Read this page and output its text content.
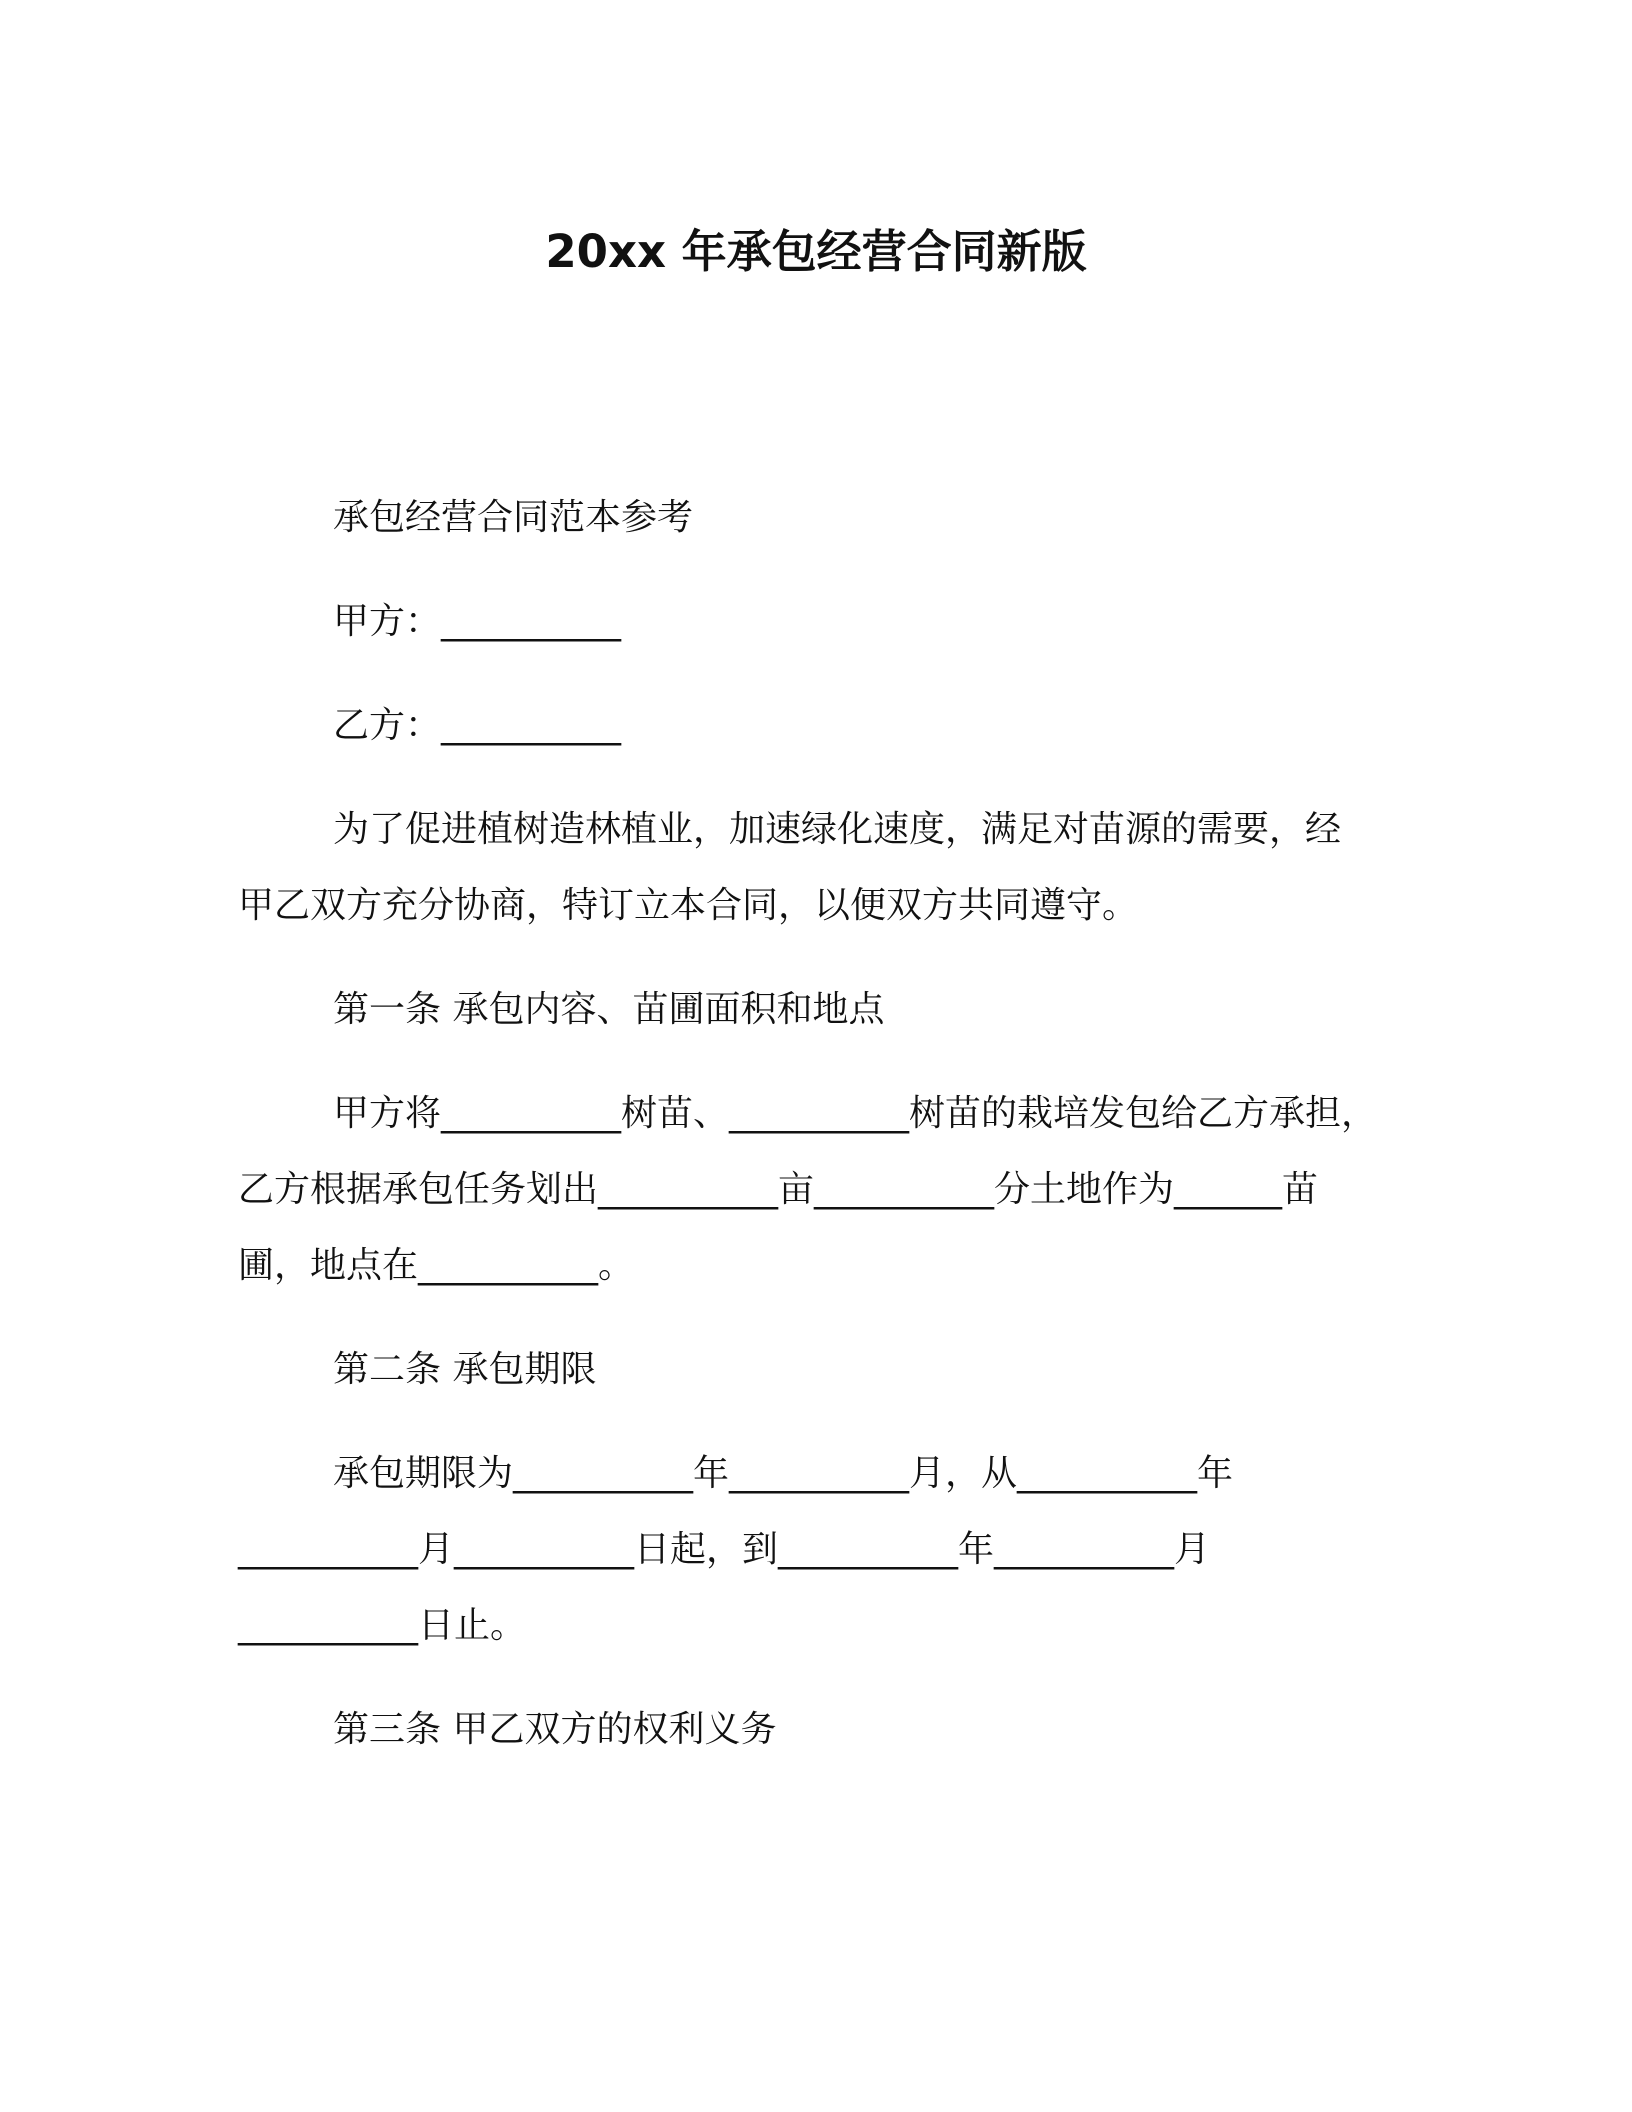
20xx 年承包经营合同新版
承包经营合同范本参考
甲方：__________
乙方：__________
为了促进植树造林植业，加速绿化速度，满足对苗源的需要，经
甲乙双方充分协商，特订立本合同，以便双方共同遵守。
第一条 承包内容、苗圃面积和地点
甲方将__________树苗、__________树苗的栽培发包给乙方承担，
乙方根据承包任务划出__________亩__________分土地作为______苗
圃，地点在__________。
第二条 承包期限
承包期限为__________年__________月，从__________年
__________月__________日起，到__________年__________月
__________日止。
第三条 甲乙双方的权利义务
